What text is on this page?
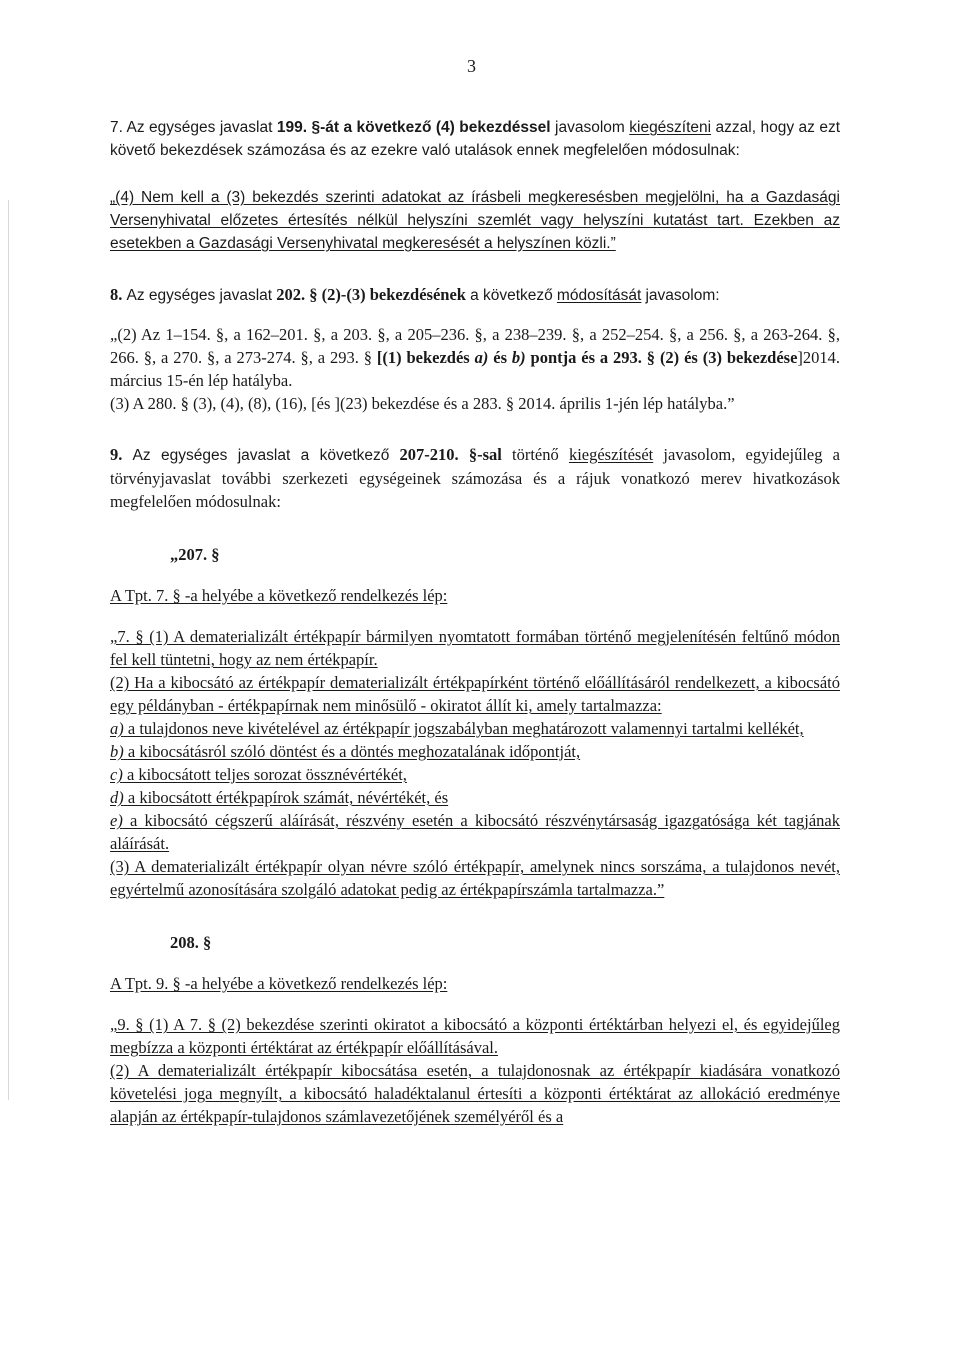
3

7. Az egységes javaslat 199. §-át a következő (4) bekezdéssel javasolom kiegészíteni azzal, hogy az ezt követő bekezdések számozása és az ezekre való utalások ennek megfelelően módosulnak:

„(4) Nem kell a (3) bekezdés szerinti adatokat az írásbeli megkeresésben megjelölni, ha a Gazdasági Versenyhivatal előzetes értesítés nélkül helyszíni szemlét vagy helyszíni kutatást tart. Ezekben az esetekben a Gazdasági Versenyhivatal megkeresését a helyszínen közli.”

8. Az egységes javaslat 202. § (2)-(3) bekezdésének a következő módosítását javasolom:

„(2) Az 1–154. §, a 162–201. §, a 203. §, a 205–236. §, a 238–239. §, a 252–254. §, a 256. §, a 263-264. §, 266. §, a 270. §, a 273-274. §, a 293. § [(1) bekezdés a) és b) pontja és a 293. § (2) és (3) bekezdése]2014. március 15-én lép hatályba.

(3) A 280. § (3), (4), (8), (16), [és ](23) bekezdése és a 283. § 2014. április 1-jén lép hatályba.”

9. Az egységes javaslat a következő 207-210. §-sal történő kiegészítését javasolom, egyidejűleg a törvényjavaslat további szerkezeti egységeinek számozása és a rájuk vonatkozó merev hivatkozások megfelelően módosulnak:

„207. §

A Tpt. 7. § -a helyébe a következő rendelkezés lép:

„7. § (1) A dematerializált értékpapír bármilyen nyomtatott formában történő megjelenítésén feltűnő módon fel kell tüntetni, hogy az nem értékpapír.

(2) Ha a kibocsátó az értékpapír dematerializált értékpapírként történő előállításáról rendelkezett, a kibocsátó egy példányban - értékpapírnak nem minősülő - okiratot állít ki, amely tartalmazza:

a) a tulajdonos neve kivételével az értékpapír jogszabályban meghatározott valamennyi tartalmi kellékét,

b) a kibocsátásról szóló döntést és a döntés meghozatalának időpontját,

c) a kibocsátott teljes sorozat össznévértékét,

d) a kibocsátott értékpapírok számát, névértékét, és

e) a kibocsátó cégszerű aláírását, részvény esetén a kibocsátó részvénytársaság igazgatósága két tagjának aláírását.

(3) A dematerializált értékpapír olyan névre szóló értékpapír, amelynek nincs sorszáma, a tulajdonos nevét, egyértelmű azonosítására szolgáló adatokat pedig az értékpapírszámla tartalmazza.”

208. §

A Tpt. 9. § -a helyébe a következő rendelkezés lép:

„9. § (1) A 7. § (2) bekezdése szerinti okiratot a kibocsátó a központi értéktárban helyezi el, és egyidejűleg megbízza a központi értéktárat az értékpapír előállításával.

(2) A dematerializált értékpapír kibocsátása esetén, a tulajdonosnak az értékpapír kiadására vonatkozó követelési joga megnyílt, a kibocsátó haladéktalanul értesíti a központi értéktárat az allokáció eredménye alapján az értékpapír-tulajdonos számlavezetőjének személyéről és a
